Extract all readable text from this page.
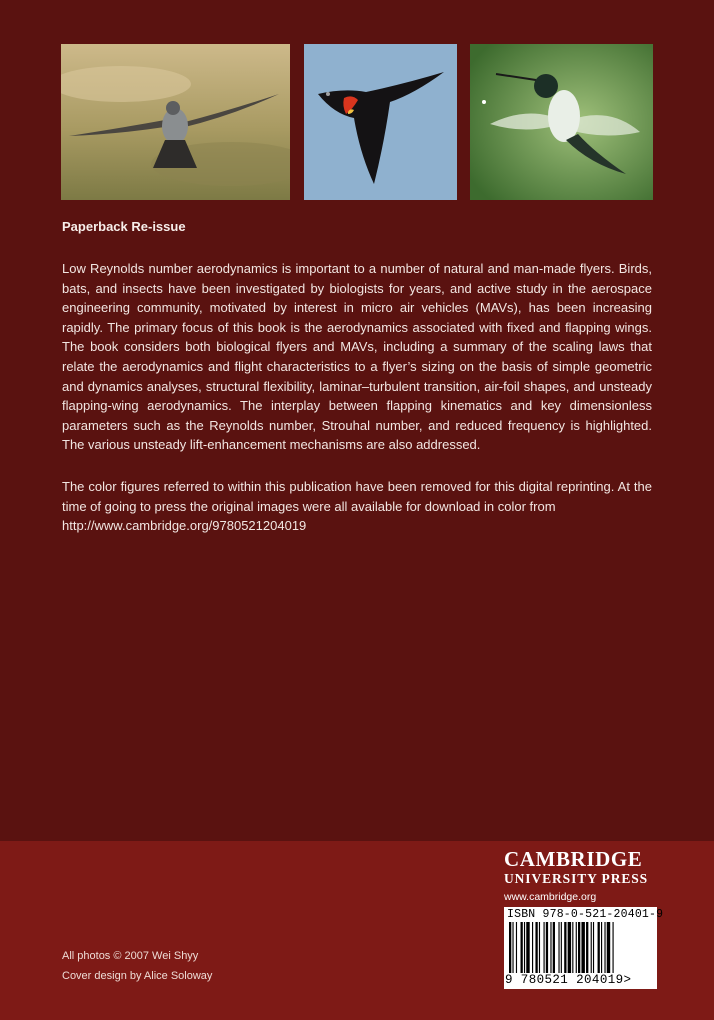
Paperback Re-issue

Low Reynolds number aerodynamics is important to a number of natural and man-made flyers. Birds, bats, and insects have been investigated by biologists for years, and active study in the aerospace engineering community, motivated by interest in micro air vehicles (MAVs), has been increasing rapidly. The primary focus of this book is the aerodynamics associated with fixed and flapping wings. The book considers both biological flyers and MAVs, including a summary of the scaling laws that relate the aerodynamics and flight characteristics to a flyer’s sizing on the basis of simple geometric and dynamics analyses, structural flexibility, laminar–turbulent transition, air-foil shapes, and unsteady flapping-wing aerodynamics. The interplay between flapping kinematics and key dimensionless parameters such as the Reynolds number, Strouhal number, and reduced frequency is highlighted. The various unsteady lift-enhancement mechanisms are also addressed.

The color figures referred to within this publication have been removed for this digital reprinting. At the time of going to press the original images were all available for download in color from
http://www.cambridge.org/9780521204019

All photos © 2007 Wei Shyy
Cover design by Alice Soloway
CAMBRIDGE
UNIVERSITY PRESS
www.cambridge.org
ISBN 978-0-521-20401-9
9 780521 204019>
